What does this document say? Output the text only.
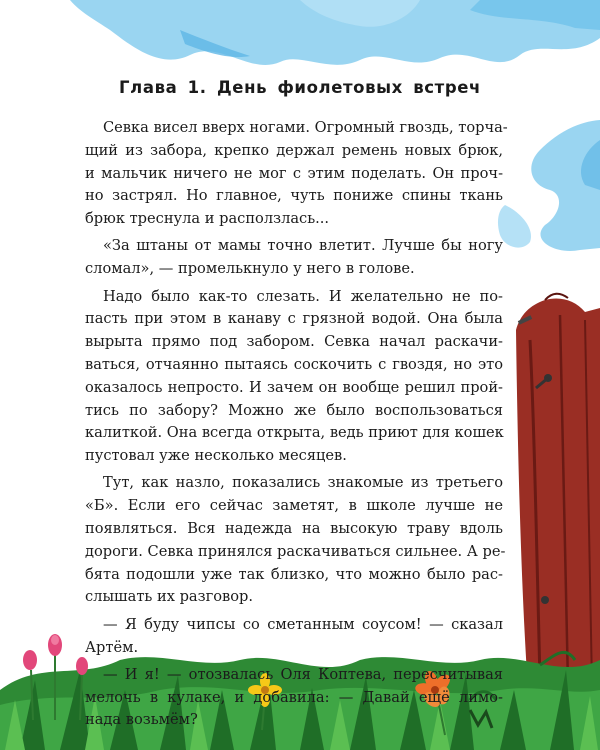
Глава 1. День фиолетовых встреч

Севка висел вверх ногами. Огромный гвоздь, торча-

щий из забора, крепко держал ремень новых брюк,

и мальчик ничего не мог с этим поделать. Он проч-

но застрял. Но главное, чуть пониже спины ткань

брюк треснула и расползлась...

«За штаны от мамы точно влетит. Лучше бы ногу

сломал», — промелькнуло у него в голове.

Надо было как-то слезать. И желательно не по-

пасть при этом в канаву с грязной водой. Она была

вырыта прямо под забором. Севка начал раскачи-

ваться, отчаянно пытаясь соскочить с гвоздя, но это

оказалось непросто. И зачем он вообще решил прой-

тись по забору? Можно же было воспользоваться

калиткой. Она всегда открыта, ведь приют для кошек

пустовал уже несколько месяцев.

Тут, как назло, показались знакомые из третьего

«Б». Если его сейчас заметят, в школе лучше не

появляться. Вся надежда на высокую траву вдоль

дороги. Севка принялся раскачиваться сильнее. А ре-

бята подошли уже так близко, что можно было рас-

слышать их разговор.

— Я буду чипсы со сметанным соусом! — сказал

Артём.

— И я! — отозвалась Оля Коптева, пересчитывая

мелочь в кулаке, и добавила: — Давай ещё лимо-

нада возьмём?
